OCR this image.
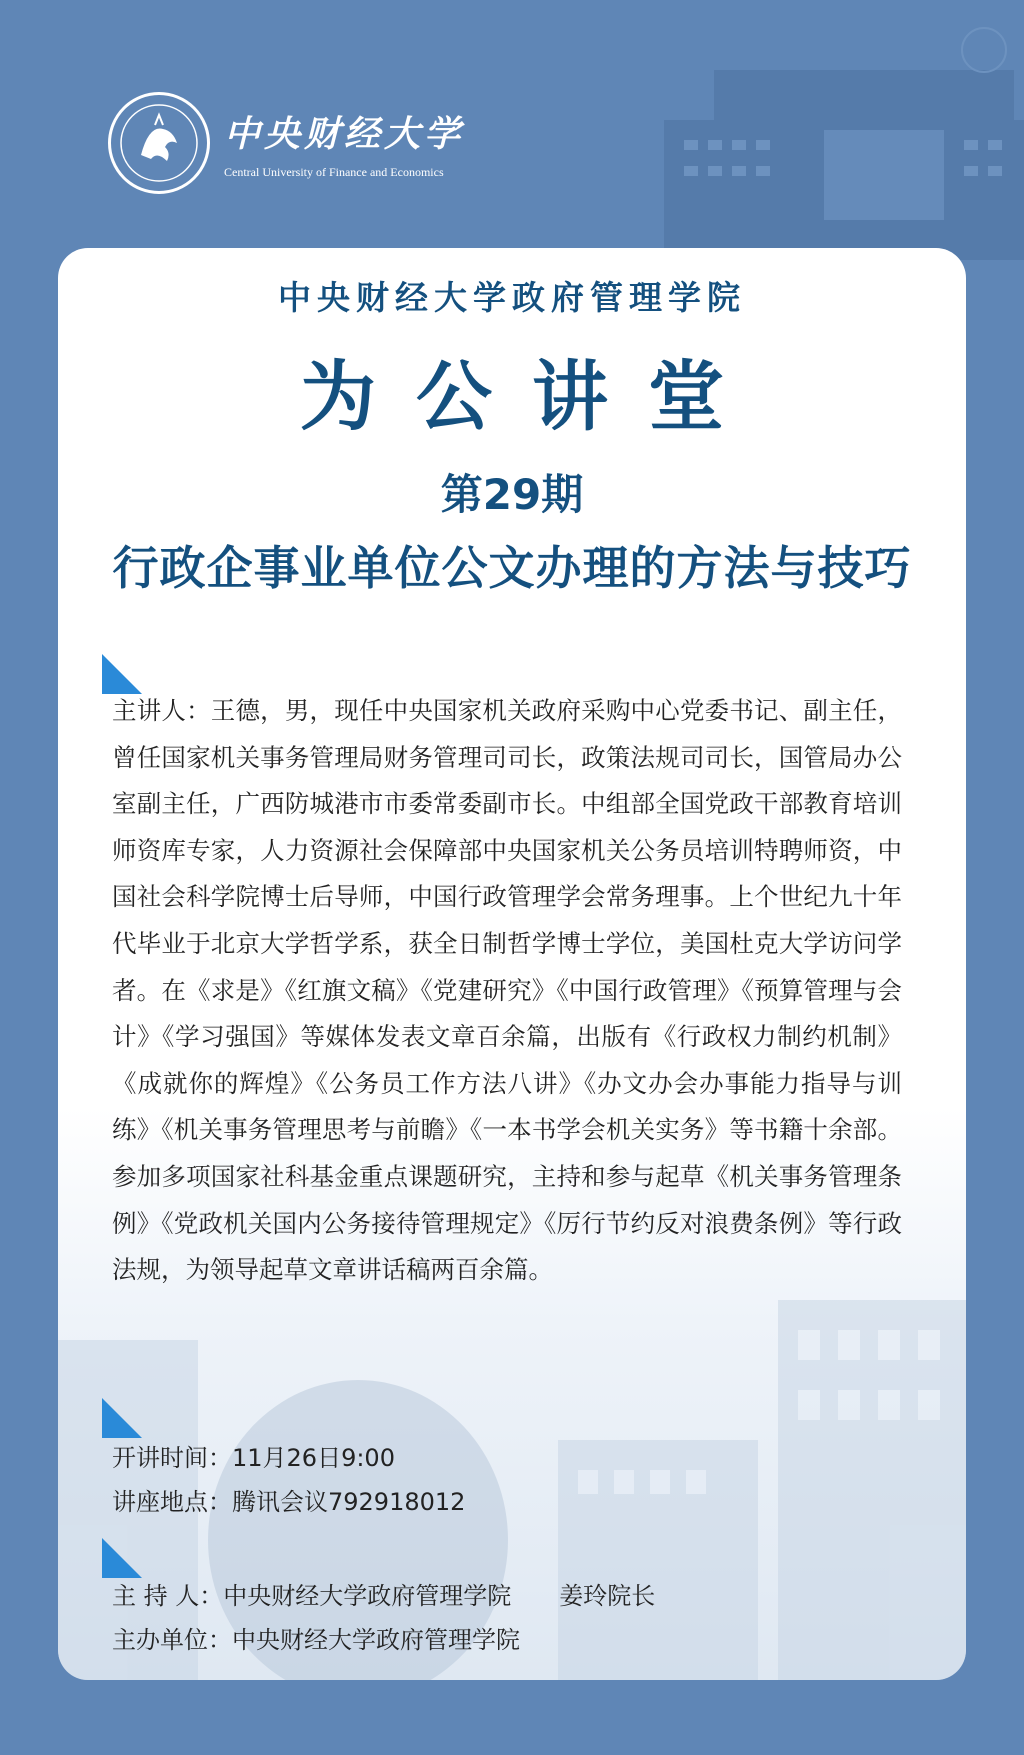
中央财经大学
Central University of Finance and Economics
中央财经大学政府管理学院
为公讲堂
第29期
行政企事业单位公文办理的方法与技巧
主讲人：王德，男，现任中央国家机关政府采购中心党委书记、副主任，曾任国家机关事务管理局财务管理司司长，政策法规司司长，国管局办公室副主任，广西防城港市市委常委副市长。中组部全国党政干部教育培训师资库专家，人力资源社会保障部中央国家机关公务员培训特聘师资，中国社会科学院博士后导师，中国行政管理学会常务理事。上个世纪九十年代毕业于北京大学哲学系，获全日制哲学博士学位，美国杜克大学访问学者。在《求是》《红旗文稿》《党建研究》《中国行政管理》《预算管理与会计》《学习强国》等媒体发表文章百余篇，出版有《行政权力制约机制》《成就你的辉煌》《公务员工作方法八讲》《办文办会办事能力指导与训练》《机关事务管理思考与前瞻》《一本书学会机关实务》等书籍十余部。参加多项国家社科基金重点课题研究，主持和参与起草《机关事务管理条例》《党政机关国内公务接待管理规定》《厉行节约反对浪费条例》等行政法规，为领导起草文章讲话稿两百余篇。
开讲时间：11月26日9:00
讲座地点：腾讯会议792918012
主 持 人：中央财经大学政府管理学院　　姜玲院长
主办单位：中央财经大学政府管理学院
